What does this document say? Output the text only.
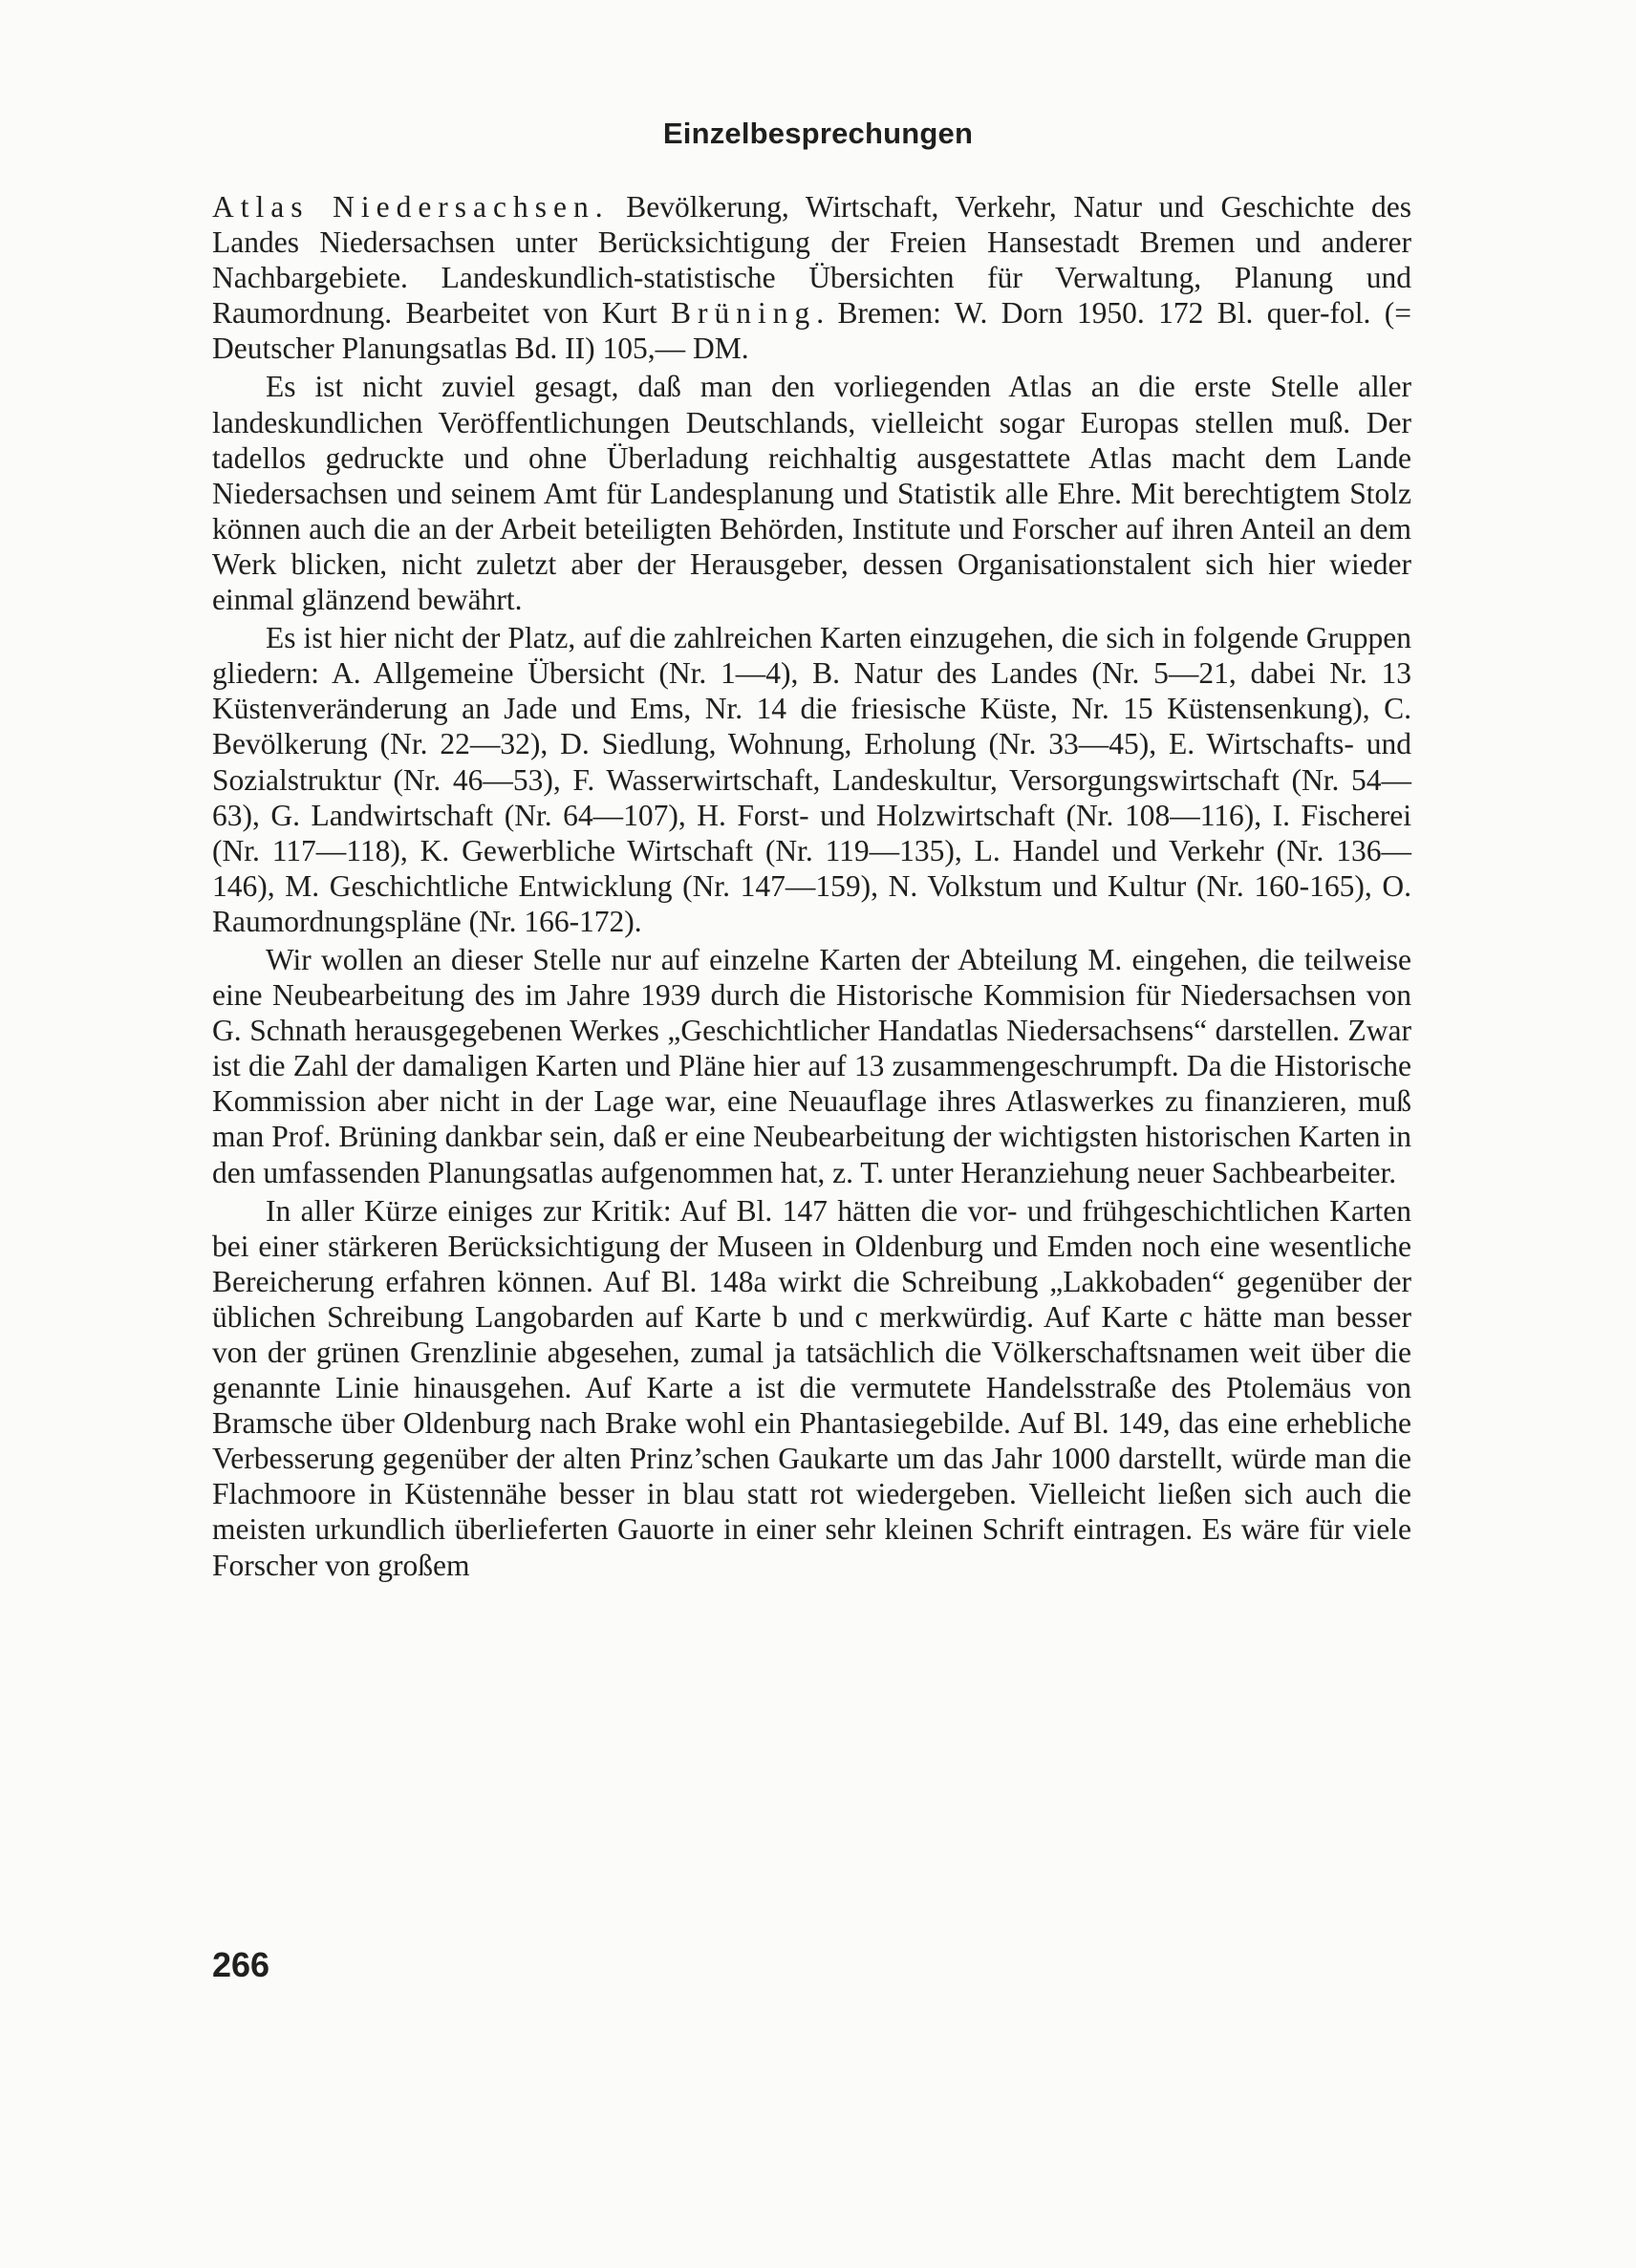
Einzelbesprechungen

Atlas Niedersachsen. Bevölkerung, Wirtschaft, Verkehr, Natur und Geschichte des Landes Niedersachsen unter Berücksichtigung der Freien Hansestadt Bremen und anderer Nachbargebiete. Landeskundlich-statistische Übersichten für Verwaltung, Planung und Raumordnung. Bearbeitet von Kurt Brüning. Bremen: W. Dorn 1950. 172 Bl. quer-fol. (= Deutscher Planungsatlas Bd. II) 105,— DM.

Es ist nicht zuviel gesagt, daß man den vorliegenden Atlas an die erste Stelle aller landeskundlichen Veröffentlichungen Deutschlands, vielleicht sogar Europas stellen muß. Der tadellos gedruckte und ohne Überladung reichhaltig ausgestattete Atlas macht dem Lande Niedersachsen und seinem Amt für Landesplanung und Statistik alle Ehre. Mit berechtigtem Stolz können auch die an der Arbeit beteiligten Behörden, Institute und Forscher auf ihren Anteil an dem Werk blicken, nicht zuletzt aber der Herausgeber, dessen Organisationstalent sich hier wieder einmal glänzend bewährt.

Es ist hier nicht der Platz, auf die zahlreichen Karten einzugehen, die sich in folgende Gruppen gliedern: A. Allgemeine Übersicht (Nr. 1—4), B. Natur des Landes (Nr. 5—21, dabei Nr. 13 Küstenveränderung an Jade und Ems, Nr. 14 die friesische Küste, Nr. 15 Küstensenkung), C. Bevölkerung (Nr. 22—32), D. Siedlung, Wohnung, Erholung (Nr. 33—45), E. Wirtschafts- und Sozialstruktur (Nr. 46—53), F. Wasserwirtschaft, Landeskultur, Versorgungswirtschaft (Nr. 54—63), G. Landwirtschaft (Nr. 64—107), H. Forst- und Holzwirtschaft (Nr. 108—116), I. Fischerei (Nr. 117—118), K. Gewerbliche Wirtschaft (Nr. 119—135), L. Handel und Verkehr (Nr. 136—146), M. Geschichtliche Entwicklung (Nr. 147—159), N. Volkstum und Kultur (Nr. 160-165), O. Raumordnungspläne (Nr. 166-172).

Wir wollen an dieser Stelle nur auf einzelne Karten der Abteilung M. eingehen, die teilweise eine Neubearbeitung des im Jahre 1939 durch die Historische Kommision für Niedersachsen von G. Schnath herausgegebenen Werkes „Geschichtlicher Handatlas Niedersachsens“ darstellen. Zwar ist die Zahl der damaligen Karten und Pläne hier auf 13 zusammengeschrumpft. Da die Historische Kommission aber nicht in der Lage war, eine Neuauflage ihres Atlaswerkes zu finanzieren, muß man Prof. Brüning dankbar sein, daß er eine Neubearbeitung der wichtigsten historischen Karten in den umfassenden Planungsatlas aufgenommen hat, z. T. unter Heranziehung neuer Sachbearbeiter.

In aller Kürze einiges zur Kritik: Auf Bl. 147 hätten die vor- und frühgeschichtlichen Karten bei einer stärkeren Berücksichtigung der Museen in Oldenburg und Emden noch eine wesentliche Bereicherung erfahren können. Auf Bl. 148a wirkt die Schreibung „Lakkobaden“ gegenüber der üblichen Schreibung Langobarden auf Karte b und c merkwürdig. Auf Karte c hätte man besser von der grünen Grenzlinie abgesehen, zumal ja tatsächlich die Völkerschaftsnamen weit über die genannte Linie hinausgehen. Auf Karte a ist die vermutete Handelsstraße des Ptolemäus von Bramsche über Oldenburg nach Brake wohl ein Phantasiegebilde. Auf Bl. 149, das eine erhebliche Verbesserung gegenüber der alten Prinz’schen Gaukarte um das Jahr 1000 darstellt, würde man die Flachmoore in Küstennähe besser in blau statt rot wiedergeben. Vielleicht ließen sich auch die meisten urkundlich überlieferten Gauorte in einer sehr kleinen Schrift eintragen. Es wäre für viele Forscher von großem

266
